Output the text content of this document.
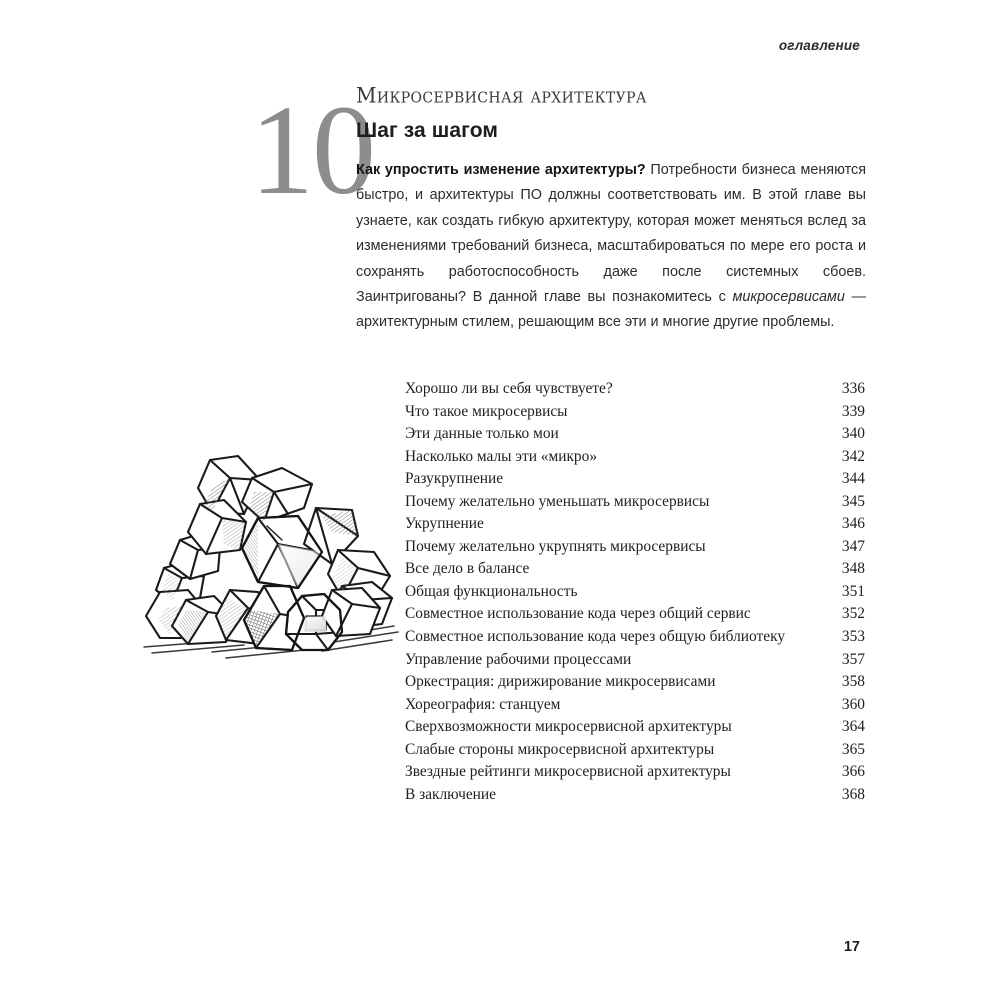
оглавление
10
Микросервисная архитектура
Шаг за шагом

Как упростить изменение архитектуры? Потребности бизнеса меняются быстро, и архитектуры ПО должны соответствовать им. В этой главе вы узнаете, как создать гибкую архитектуру, которая может меняться вслед за изменениями требований бизнеса, масштабироваться по мере его роста и сохранять работоспособность даже после системных сбоев. Заинтригованы? В данной главе вы познакомитесь с микросервисами — архитектурным стилем, решающим все эти и многие другие проблемы.

Хорошо ли вы себя чувствуете?	336
Что такое микросервисы	339
Эти данные только мои	340
Насколько малы эти «микро»	342
Разукрупнение	344
Почему желательно уменьшать микросервисы	345
Укрупнение	346
Почему желательно укрупнять микросервисы	347
Все дело в балансе	348
Общая функциональность	351
Совместное использование кода через общий сервис	352
Совместное использование кода через общую библиотеку	353
Управление рабочими процессами	357
Оркестрация: дирижирование микросервисами	358
Хореография: станцуем	360
Сверхвозможности микросервисной архитектуры	364
Слабые стороны микросервисной архитектуры	365
Звездные рейтинги микросервисной архитектуры	366
В заключение	368
17
